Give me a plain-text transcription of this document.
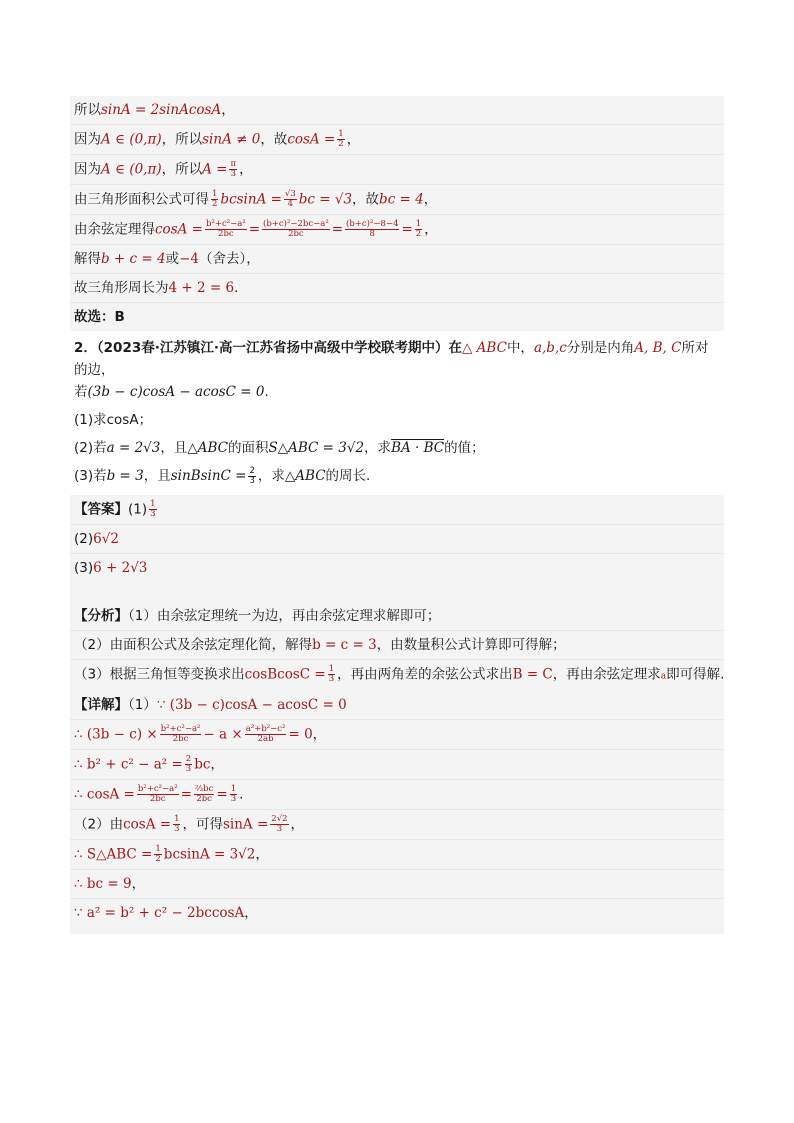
所以sinA = 2sinAcosA，
因为A ∈ (0,π)，所以sinA ≠ 0，故$\cos A = \frac{1}{2}$ ，
因为A ∈ (0,π)，所以$A = \frac{\pi}{3}$ ，
由三角形面积公式可得 $\frac{1}{2}$ $bcsinA = \frac{√3}{4}$ bc = √3，故bc = 4，
由余弦定理得$\cos A = \frac{\text{b²+c²−a²}}{2bc} = \frac{\text{(b+c)²−2bc−a²}}{2bc} = \frac{\text{(b+c)²−8−4}}{8} = \frac{1}{2}$ ，
解得b + c = 4或−4（舍去），
故三角形周长为4 + 2 = 6.
故选：B
2．（2023春·江苏镇江·高一江苏省扬中高级中学校联考期中）在△ ABC中，a,b,c分别是内角A, B, C所对的边，
若(3b − c)cosA − acosC = 0.
(1)求cosA；
(2)若a = 2√3，且△ABC的面积S△ABC = 3√2，求BA · BC的值；
(3)若b = 3，且sinBsinC = $\frac{2}{3}$ ，求△ABC的周长.
【答案】$(1) \frac{1}{3}$
(2)6√2
(3)6 + 2√3
【分析】（1）由余弦定理统一为边，再由余弦定理求解即可；
（2）由面积公式及余弦定理化简，解得b = c = 3，由数量积公式计算即可得解；
（3）根据三角恒等变换求出cosBcosC = $\frac{1}{3}$ ，再由两角差的余弦公式求出B = C，再由余弦定理求a即可得解.
【详解】（1）∵ (3b − c)cosA − acosC = 0
∴ $(3b - c) \times \frac{\text{b²+c²−a²}}{2bc} - a \times \frac{\text{a²+b²−c²}}{2ab} = 0$，
∴ $b^2 + c^2 - a^2 = \frac{2}{3}$ bc，
∴ $\cos A = \frac{\text{b²+c²−a²}}{2bc} = \frac{\text{⅔bc}}{2bc} = \frac{1}{3}$ .
（2）由$\cos A = \frac{1}{3}$ ，可得$\sin A = \frac{2√2}{3}$ ，
∴ S△ABC = $\frac{1}{2}$ bcsinA = 3√2，
∴ bc = 9，
∵ a² = b² + c² − 2bccosA，
